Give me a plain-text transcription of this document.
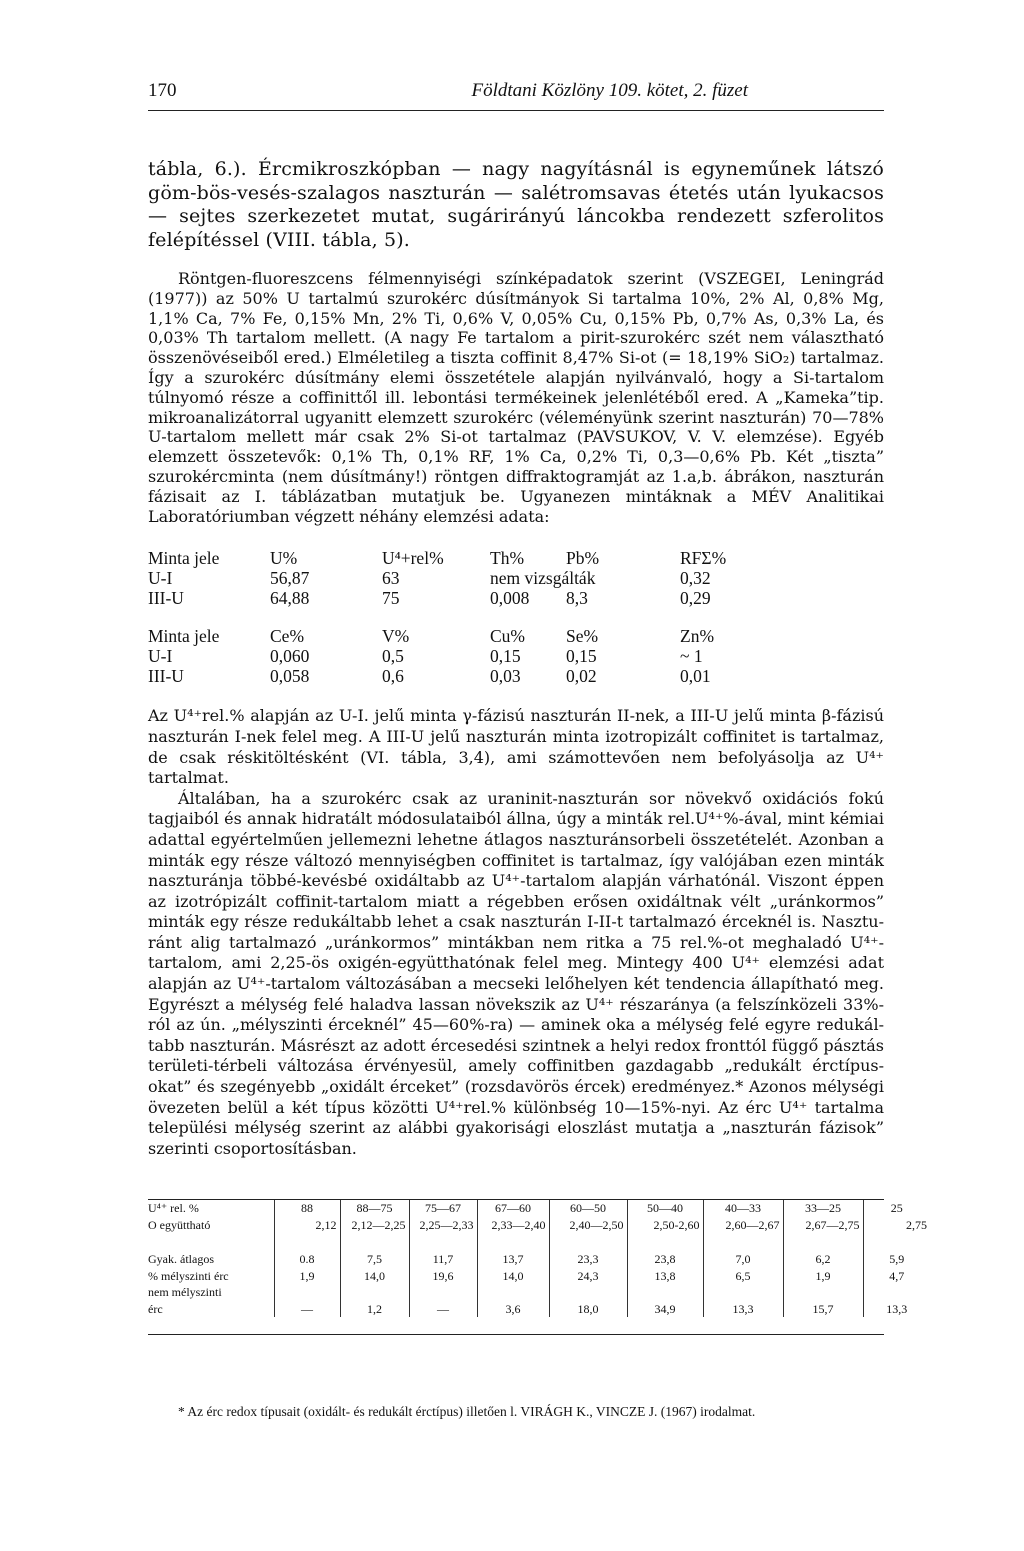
170	Földtani Közlöny 109. kötet, 2. füzet

tábla, 6.). Ércmikroszkópban — nagy nagyításnál is egyneműnek látszó göm-bös-vesés-szalagos naszturán — salétromsavas étetés után lyukacsos — sejtes szerkezetet mutat, sugárirányú láncokba rendezett szferolitos felépítéssel (VIII. tábla, 5).

Röntgen-fluoreszcens félmennyiségi színképadatok szerint (VSZEGEI, Leningrád (1977)) az 50% U tartalmú szurokérc dúsítmányok Si tartalma 10%, 2% Al, 0,8% Mg, 1,1% Ca, 7% Fe, 0,15% Mn, 2% Ti, 0,6% V, 0,05% Cu, 0,15% Pb, 0,7% As, 0,3% La, és 0,03% Th tartalom mellett. (A nagy Fe tartalom a pirit-szurokérc szét nem választható összenövéseiből ered.) Elméletileg a tiszta coffinit 8,47% Si-ot (= 18,19% SiO₂) tartalmaz. Így a szurokérc dúsítmány elemi összetétele alapján nyilvánvaló, hogy a Si-tartalom túlnyomó része a coffinittől ill. lebontási termékeinek jelenlétéből ered. A „Kameka”tip. mikroanalizátorral ugyanitt elemzett szurokérc (véleményünk szerint naszturán) 70—78% U-tartalom mellett már csak 2% Si-ot tartalmaz (PAVSUKOV, V. V. elemzése). Egyéb elemzett összetevők: 0,1% Th, 0,1% RF, 1% Ca, 0,2% Ti, 0,3—0,6% Pb. Két „tiszta” szurokércminta (nem dúsítmány!) röntgen diffraktogramját az 1.a,b. ábrákon, naszturán fázisait az I. táblázatban mutatjuk be. Ugyanezen mintáknak a MÉV Analitikai Laboratóriumban végzett néhány elemzési adata:

Minta jele	U%	U⁴+rel%	Th%	Pb%	RFΣ%
U-I	56,87	63	nem vizsgálták	0,32
III-U	64,88	75	0,008	8,3	0,29
Minta jele	Ce%	V%	Cu%	Se%	Zn%
U-I	0,060	0,5	0,15	0,15	~ 1
III-U	0,058	0,6	0,03	0,02	0,01

Az U⁴⁺rel.% alapján az U-I. jelű minta γ-fázisú naszturán II-nek, a III-U jelű minta β-fázisú naszturán I-nek felel meg. A III-U jelű naszturán minta izotropizált coffinitet is tartalmaz, de csak réskitöltésként (VI. tábla, 3,4), ami számottevően nem befolyásolja az U⁴⁺ tartalmat.

Általában, ha a szurokérc csak az uraninit-naszturán sor növekvő oxidációs fokú tagjaiból és annak hidratált módosulataiból állna, úgy a minták rel.U⁴⁺%-ával, mint kémiai adattal egyértelműen jellemezni lehetne átlagos naszturánsorbeli összetételét. Azonban a minták egy része változó mennyiségben coffinitet is tartalmaz, így valójában ezen minták naszturánja többé-kevésbé oxidáltabb az U⁴⁺-tartalom alapján várhatónál. Viszont éppen az izotrópizált coffinit-tartalom miatt a régebben erősen oxidáltnak vélt „uránkormos” minták egy része redukáltabb lehet a csak naszturán I-II-t tartalmazó érceknél is. Nasztu-ránt alig tartalmazó „uránkormos” mintákban nem ritka a 75 rel.%-ot meghaladó U⁴⁺-tartalom, ami 2,25-ös oxigén-együtthatónak felel meg. Mintegy 400 U⁴⁺ elemzési adat alapján az U⁴⁺-tartalom változásában a mecseki lelőhelyen két tendencia állapítható meg. Egyrészt a mélység felé haladva lassan növekszik az U⁴⁺ részaránya (a felszínközeli 33%-ról az ún. „mélyszinti érceknél” 45—60%-ra) — aminek oka a mélység felé egyre redukál-tabb naszturán. Másrészt az adott ércesedési szintnek a helyi redox fronttól függő pásztás területi-térbeli változása érvényesül, amely coffinitben gazdagabb „redukált érctípus-okat” és szegényebb „oxidált érceket” (rozsdavörös ércek) eredményez.* Azonos mélységi övezeten belül a két típus közötti U⁴⁺rel.% különbség 10—15%-nyi. Az érc U⁴⁺ tartalma települési mélység szerint az alábbi gyakorisági eloszlást mutatja a „naszturán fázisok” szerinti csoportosításban.

U⁴⁺ rel. %	88	88—75	75—67	67—60	60—50	50—40	40—33	33—25	25
O együttható	2,12	2,12—2,25	2,25—2,33	2,33—2,40	2,40—2,50	2,50-2,60	2,60—2,67	2,67—2,75	2,75

Gyak. átlagos	0.8	7,5	11,7	13,7	23,3	23,8	7,0	6,2	5,9
% mélyszinti érc	1,9	14,0	19,6	14,0	24,3	13,8	6,5	1,9	4,7
nem mélyszinti									
érc	—	1,2	—	3,6	18,0	34,9	13,3	15,7	13,3
* Az érc redox típusait (oxidált- és redukált érctípus) illetően l. VIRÁGH K., VINCZE J. (1967) irodalmat.
